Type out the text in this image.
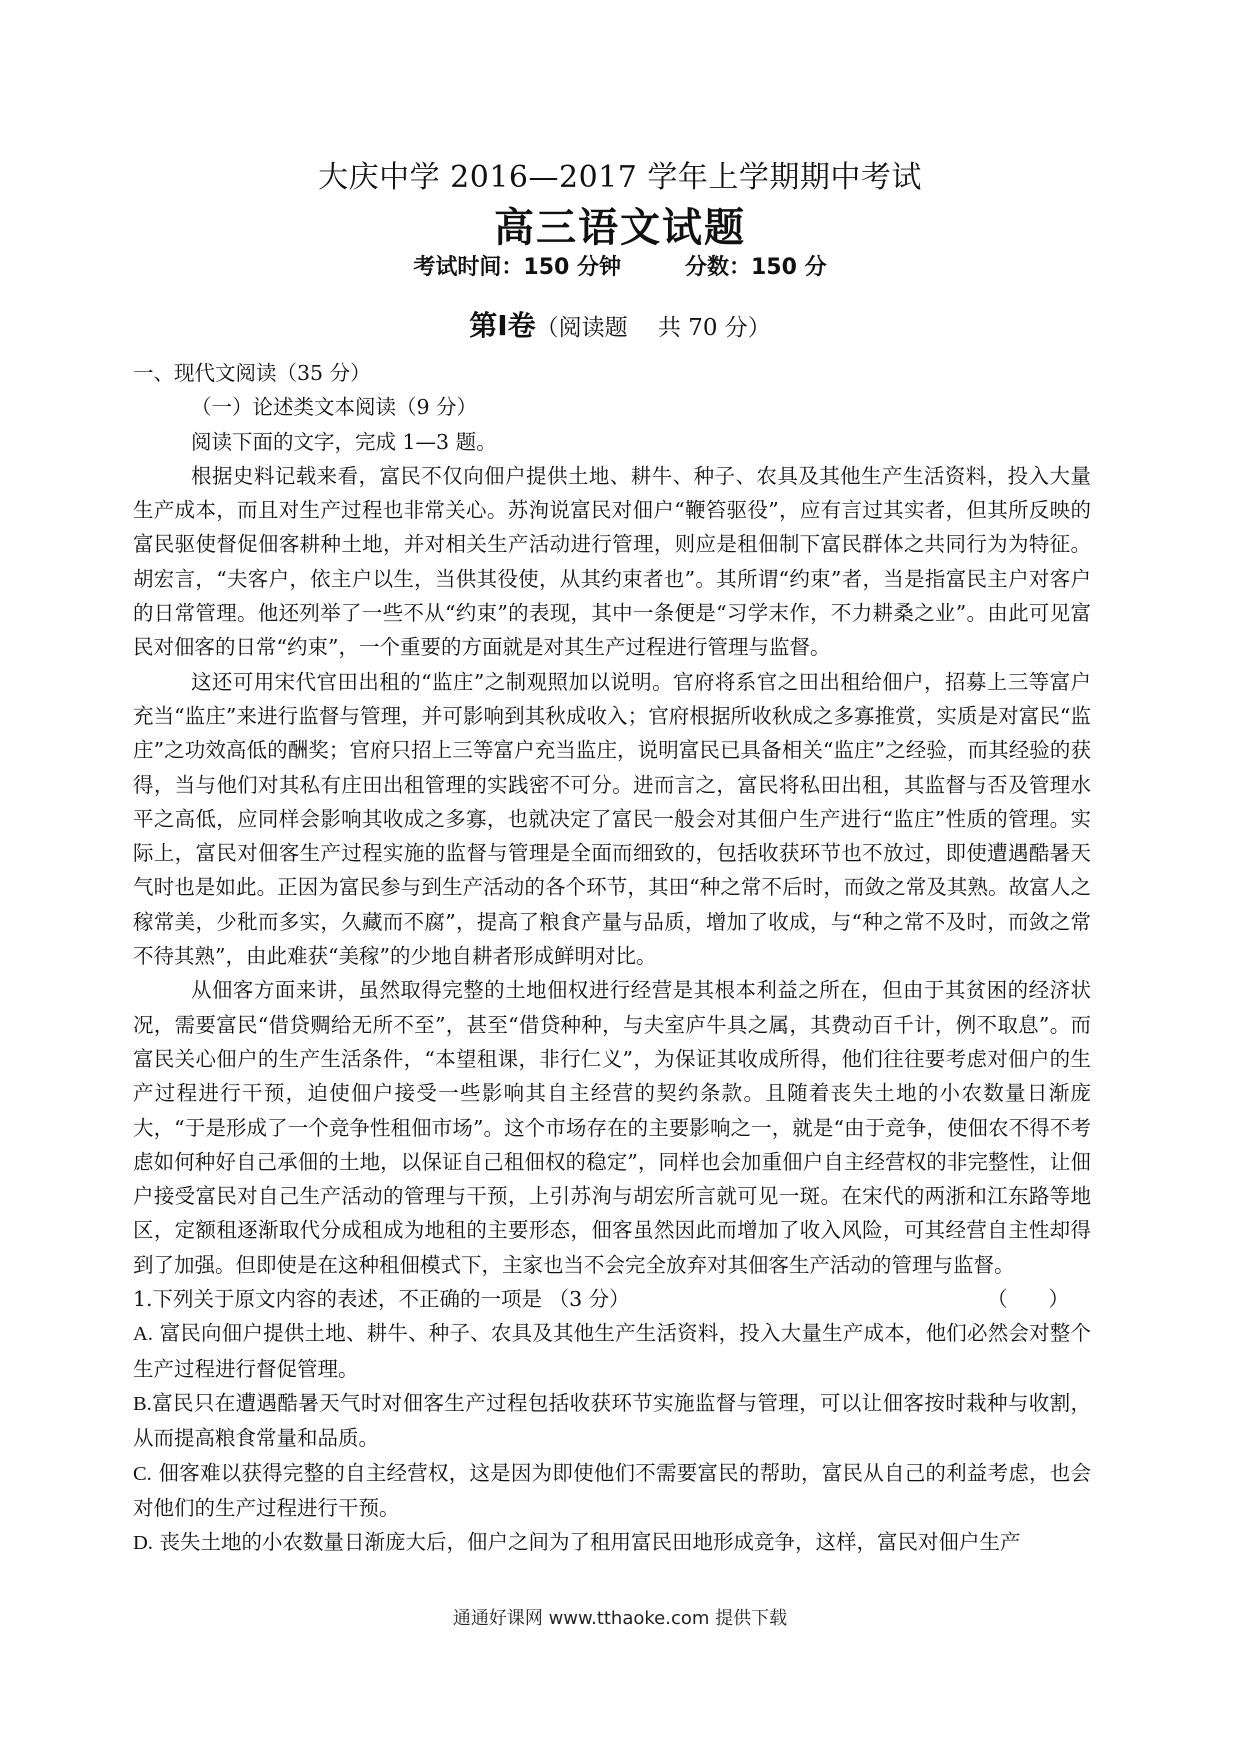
大庆中学 2016—2017 学年上学期期中考试
高三语文试题
考试时间：150 分钟	分数：150 分
第Ⅰ卷（阅读题　 共 70 分）

一、现代文阅读（35 分）

（一）论述类文本阅读（9 分）

阅读下面的文字，完成 1—3 题。

根据史料记载来看，富民不仅向佃户提供土地、耕牛、种子、农具及其他生产生活资料，投入大量生产成本，而且对生产过程也非常关心。苏洵说富民对佃户“鞭笞驱役”，应有言过其实者，但其所反映的富民驱使督促佃客耕种土地，并对相关生产活动进行管理，则应是租佃制下富民群体之共同行为为特征。胡宏言，“夫客户，依主户以生，当供其役使，从其约束者也”。其所谓“约束”者，当是指富民主户对客户的日常管理。他还列举了一些不从“约束”的表现，其中一条便是“习学末作，不力耕桑之业”。由此可见富民对佃客的日常“约束”，一个重要的方面就是对其生产过程进行管理与监督。

这还可用宋代官田出租的“监庄”之制观照加以说明。官府将系官之田出租给佃户，招募上三等富户充当“监庄”来进行监督与管理，并可影响到其秋成收入；官府根据所收秋成之多寡推赏，实质是对富民“监庄”之功效高低的酬奖；官府只招上三等富户充当监庄，说明富民已具备相关“监庄”之经验，而其经验的获得，当与他们对其私有庄田出租管理的实践密不可分。进而言之，富民将私田出租，其监督与否及管理水平之高低，应同样会影响其收成之多寡，也就决定了富民一般会对其佃户生产进行“监庄”性质的管理。实际上，富民对佃客生产过程实施的监督与管理是全面而细致的，包括收获环节也不放过，即使遭遇酷暑天气时也是如此。正因为富民参与到生产活动的各个环节，其田“种之常不后时，而敛之常及其熟。故富人之稼常美，少秕而多实，久藏而不腐”，提高了粮食产量与品质，增加了收成，与“种之常不及时，而敛之常不待其熟”，由此难获“美稼”的少地自耕者形成鲜明对比。

从佃客方面来讲，虽然取得完整的土地佃权进行经营是其根本利益之所在，但由于其贫困的经济状况，需要富民“借贷赒给无所不至”，甚至“借贷种种，与夫室庐牛具之属，其费动百千计，例不取息”。而富民关心佃户的生产生活条件，“本望租课，非行仁义”，为保证其收成所得，他们往往要考虑对佃户的生产过程进行干预，迫使佃户接受一些影响其自主经营的契约条款。且随着丧失土地的小农数量日渐庞大，“于是形成了一个竞争性租佃市场”。这个市场存在的主要影响之一，就是“由于竞争，使佃农不得不考虑如何种好自己承佃的土地，以保证自己租佃权的稳定”，同样也会加重佃户自主经营权的非完整性，让佃户接受富民对自己生产活动的管理与干预，上引苏洵与胡宏所言就可见一斑。在宋代的两浙和江东路等地区，定额租逐渐取代分成租成为地租的主要形态，佃客虽然因此而增加了收入风险，可其经营自主性却得到了加强。但即使是在这种租佃模式下，主家也当不会完全放弃对其佃客生产活动的管理与监督。

1.下列关于原文内容的表述，不正确的一项是 （3 分）	（　　）

A. 富民向佃户提供土地、耕牛、种子、农具及其他生产生活资料，投入大量生产成本，他们必然会对整个生产过程进行督促管理。

B.富民只在遭遇酷暑天气时对佃客生产过程包括收获环节实施监督与管理，可以让佃客按时栽种与收割，从而提高粮食常量和品质。

C. 佃客难以获得完整的自主经营权，这是因为即使他们不需要富民的帮助，富民从自己的利益考虑，也会对他们的生产过程进行干预。

D. 丧失土地的小农数量日渐庞大后，佃户之间为了租用富民田地形成竞争，这样，富民对佃户生产

通通好课网 www.tthaoke.com 提供下载
